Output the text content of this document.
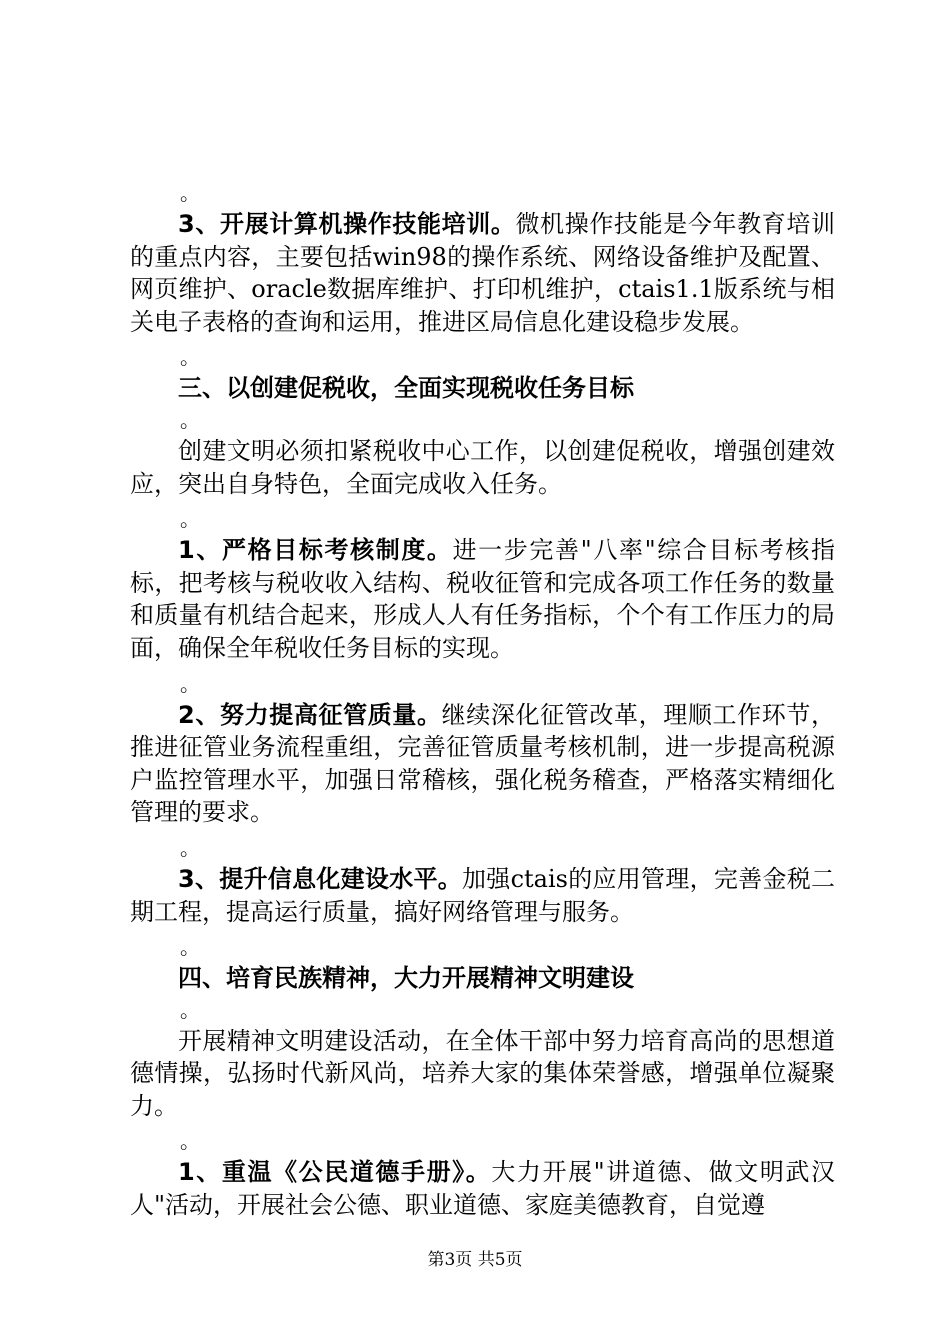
。

3、开展计算机操作技能培训。微机操作技能是今年教育培训的重点内容，主要包括win98的操作系统、网络设备维护及配置、网页维护、oracle数据库维护、打印机维护，ctais1.1版系统与相关电子表格的查询和运用，推进区局信息化建设稳步发展。

。

三、以创建促税收，全面实现税收任务目标

。

创建文明必须扣紧税收中心工作，以创建促税收，增强创建效应，突出自身特色，全面完成收入任务。

。

1、严格目标考核制度。进一步完善"八率"综合目标考核指标，把考核与税收收入结构、税收征管和完成各项工作任务的数量和质量有机结合起来，形成人人有任务指标，个个有工作压力的局面，确保全年税收任务目标的实现。

。

2、努力提高征管质量。继续深化征管改革，理顺工作环节，推进征管业务流程重组，完善征管质量考核机制，进一步提高税源户监控管理水平，加强日常稽核，强化税务稽查，严格落实精细化管理的要求。

。

3、提升信息化建设水平。加强ctais的应用管理，完善金税二期工程，提高运行质量，搞好网络管理与服务。

。

四、培育民族精神，大力开展精神文明建设

。

开展精神文明建设活动，在全体干部中努力培育高尚的思想道德情操，弘扬时代新风尚，培养大家的集体荣誉感，增强单位凝聚力。

。

1、重温《公民道德手册》。大力开展"讲道德、做文明武汉人"活动，开展社会公德、职业道德、家庭美德教育，自觉遵

第3页 共5页
